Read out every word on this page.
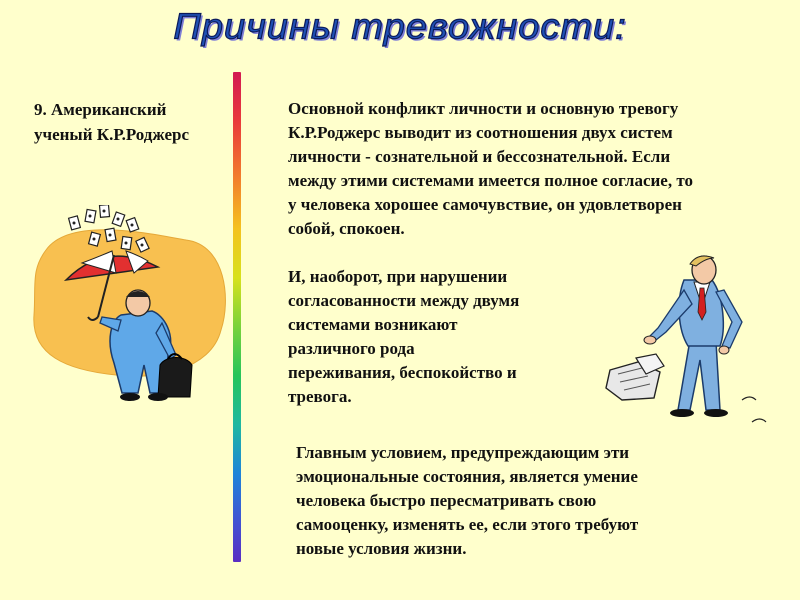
Причины тревожности:
9. Американский
ученый К.Р.Роджерс
Основной конфликт личности и основную тревогу
К.Р.Роджерс выводит из соотношения двух систем
личности - сознательной и бессознательной. Если
между этими системами имеется полное согласие, то
у человека хорошее самочувствие, он удовлетворен
собой, спокоен.
И, наоборот, при нарушении
согласованности между двумя
системами возникают
различного рода
переживания, беспокойство и
тревога.
Главным условием, предупреждающим эти
эмоциональные состояния, является умение
человека быстро пересматривать свою
самооценку, изменять ее, если этого требуют
новые условия жизни.
